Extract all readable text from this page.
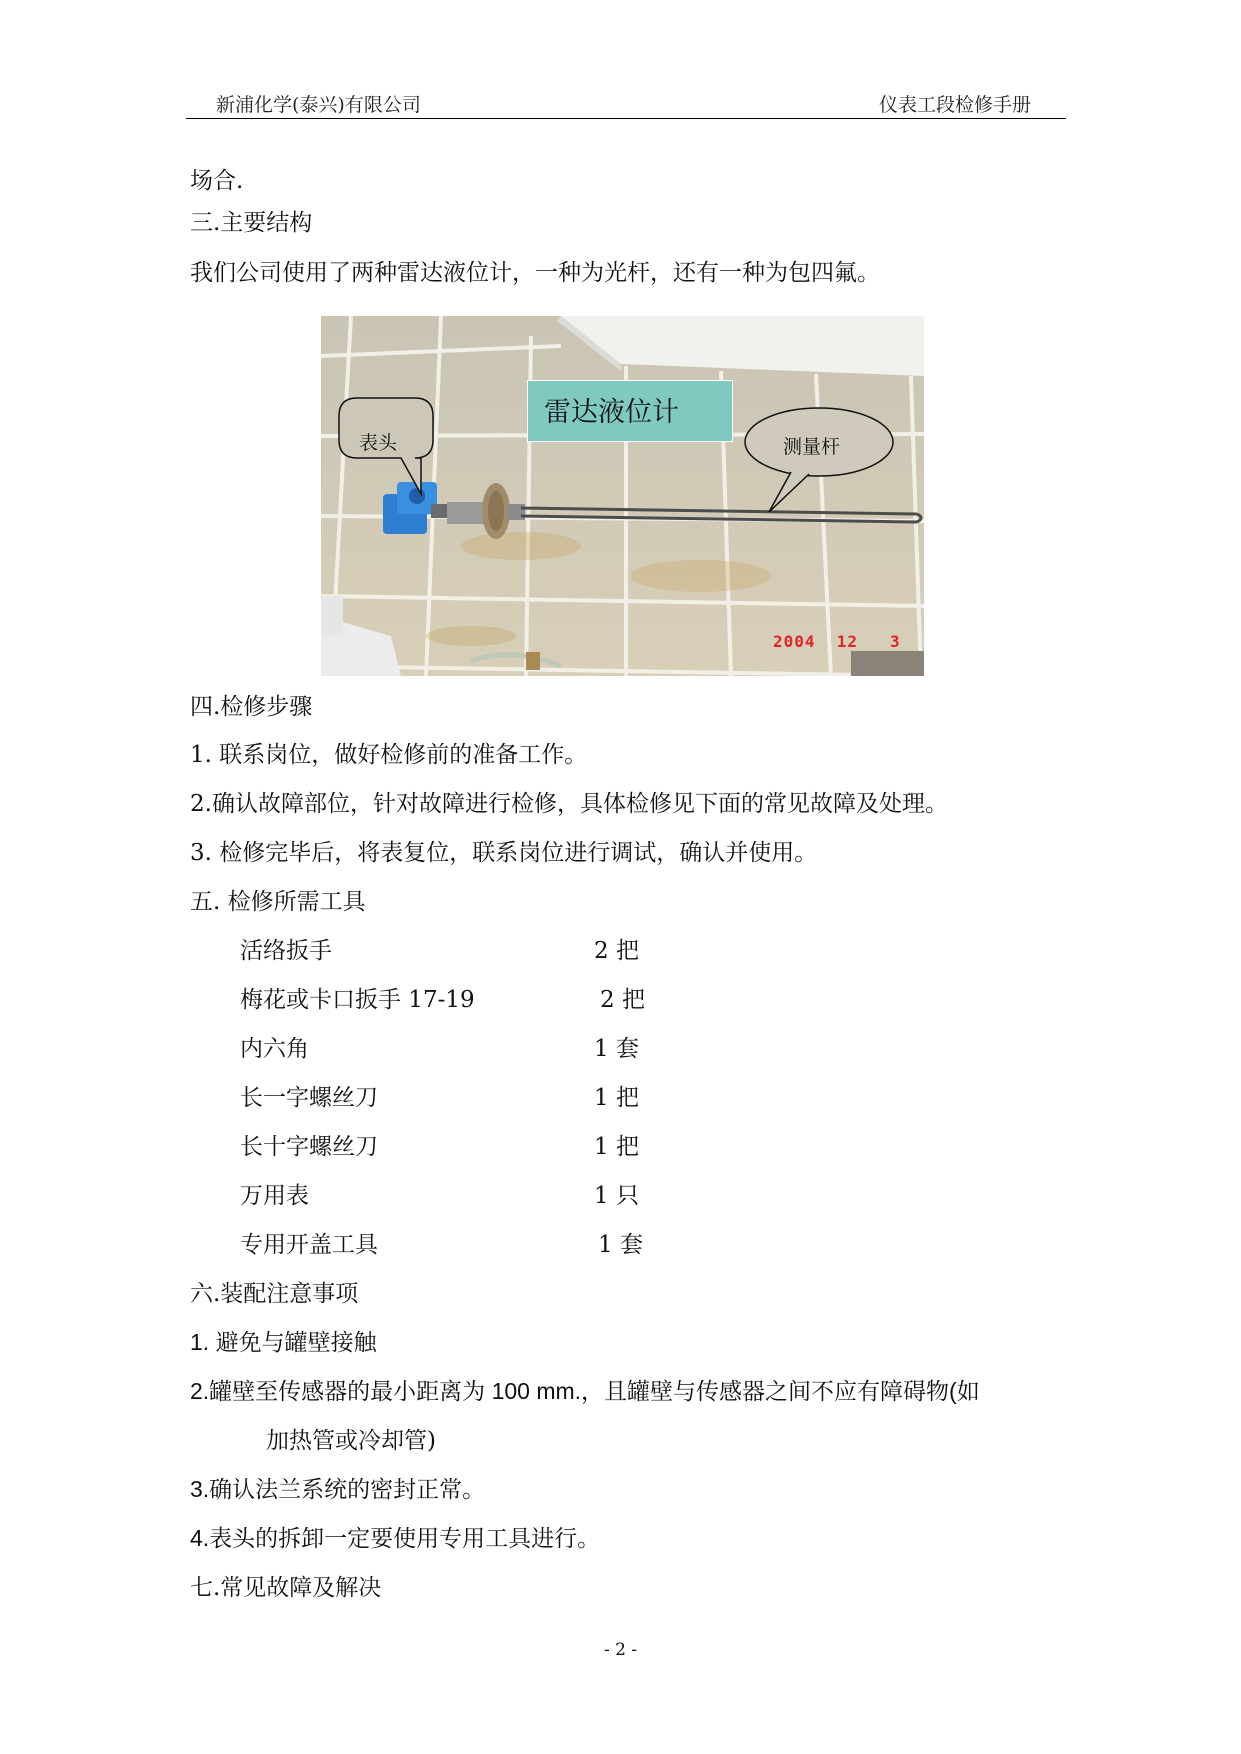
新浦化学(泰兴)有限公司	仪表工段检修手册
场合.
三.主要结构
我们公司使用了两种雷达液位计，一种为光杆，还有一种为包四氟。
雷达液位计
表头	测量杆
2004  12   3
四.检修步骤
1. 联系岗位，做好检修前的准备工作。
2.确认故障部位，针对故障进行检修，具体检修见下面的常见故障及处理。
3. 检修完毕后，将表复位，联系岗位进行调试，确认并使用。
五. 检修所需工具
活络扳手	2 把
梅花或卡口扳手 17-19	2 把
内六角	1 套
长一字螺丝刀	1 把
长十字螺丝刀	1 把
万用表	1 只
专用开盖工具	1 套
六.装配注意事项
1. 避免与罐壁接触
2.罐壁至传感器的最小距离为 100 mm.，且罐壁与传感器之间不应有障碍物(如
加热管或冷却管)
3.确认法兰系统的密封正常。
4.表头的拆卸一定要使用专用工具进行。
七.常见故障及解决
- 2 -
